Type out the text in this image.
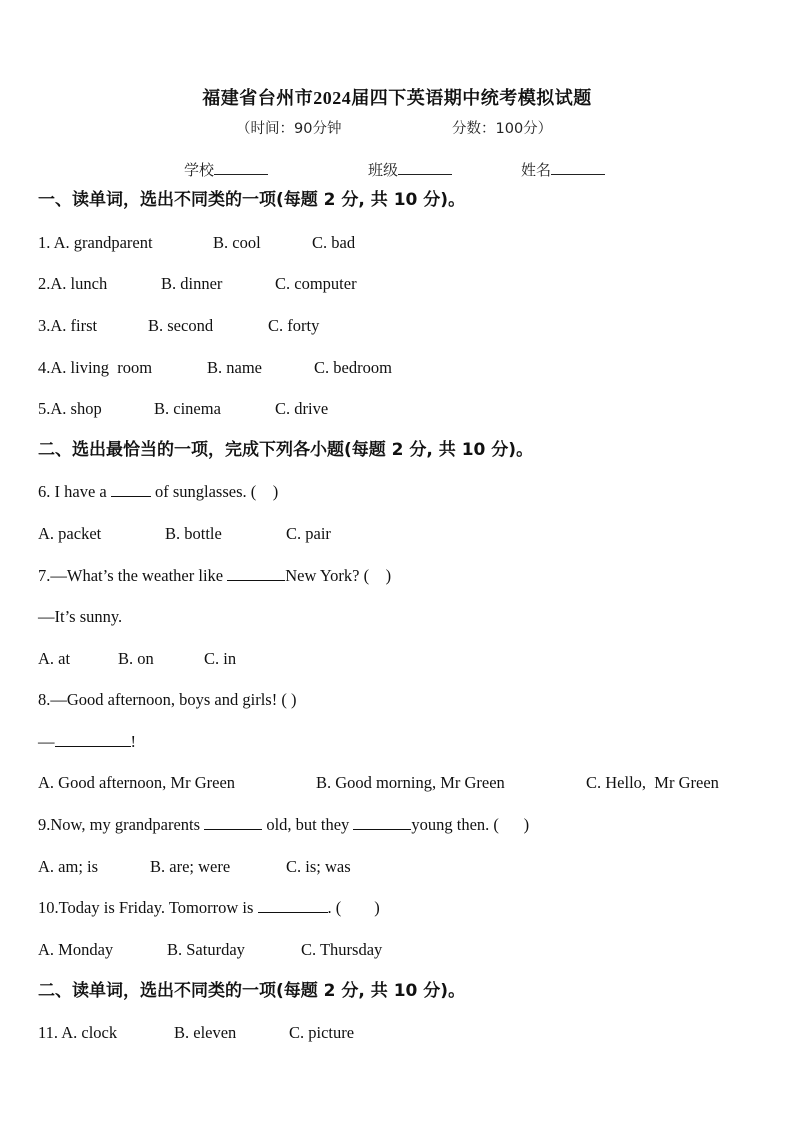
福建省台州市2024届四下英语期中统考模拟试题
（时间：90分钟	分数：100分）
学校	班级	姓名
一、读单词，选出不同类的一项(每题 2 分, 共 10 分)。
1. A. grandparent	B. cool	C. bad
2.A. lunch	B. dinner	C. computer
3.A. first	B. second	C. forty
4.A. living  room	B. name	C. bedroom
5.A. shop	B. cinema	C. drive
二、选出最恰当的一项，完成下列各小题(每题 2 分, 共 10 分)。
6. I have a  of sunglasses. (    )
A. packet	B. bottle	C. pair
7.—What’s the weather like	New York? (    )
—It’s sunny.
A. at	B. on	C. in
8.—Good afternoon, boys and girls! ( )
—	!
A. Good afternoon, Mr Green	B. Good morning, Mr Green	C. Hello,  Mr Green
9.Now, my grandparents	old, but they	young then. (      )
A. am; is	B. are; were	C. is; was
10.Today is Friday. Tomorrow is	. (        )
A. Monday	B. Saturday	C. Thursday
二、读单词，选出不同类的一项(每题 2 分, 共 10 分)。
11. A. clock	B. eleven	C. picture
